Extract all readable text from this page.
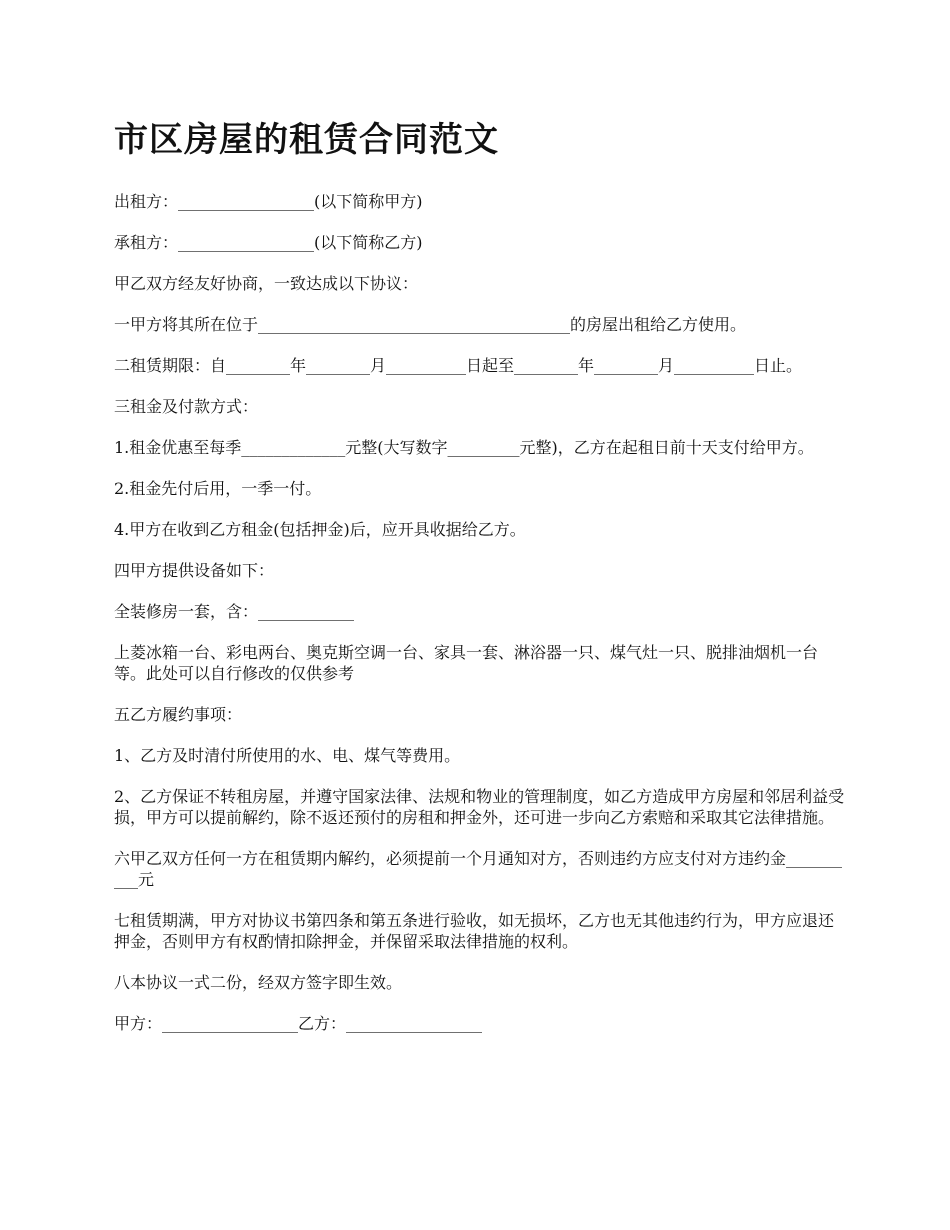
市区房屋的租赁合同范文

出租方：_________________(以下简称甲方)

承租方：_________________(以下简称乙方)

甲乙双方经友好协商，一致达成以下协议：

一甲方将其所在位于_______________________________________的房屋出租给乙方使用。

二租赁期限：自________年________月__________日起至________年________月__________日止。

三租金及付款方式：

1.租金优惠至每季_____________元整(大写数字_________元整)，乙方在起租日前十天支付给甲方。

2.租金先付后用，一季一付。

4.甲方在收到乙方租金(包括押金)后，应开具收据给乙方。

四甲方提供设备如下：

全装修房一套，含：____________

上菱冰箱一台、彩电两台、奥克斯空调一台、家具一套、淋浴器一只、煤气灶一只、脱排油烟机一台等。此处可以自行修改的仅供参考

五乙方履约事项：

1、乙方及时清付所使用的水、电、煤气等费用。

2、乙方保证不转租房屋，并遵守国家法律、法规和物业的管理制度，如乙方造成甲方房屋和邻居利益受损，甲方可以提前解约，除不返还预付的房租和押金外，还可进一步向乙方索赔和采取其它法律措施。

六甲乙双方任何一方在租赁期内解约，必须提前一个月通知对方，否则违约方应支付对方违约金__________元

七租赁期满，甲方对协议书第四条和第五条进行验收，如无损坏，乙方也无其他违约行为，甲方应退还押金，否则甲方有权酌情扣除押金，并保留采取法律措施的权利。

八本协议一式二份，经双方签字即生效。

甲方：_________________乙方：_________________
